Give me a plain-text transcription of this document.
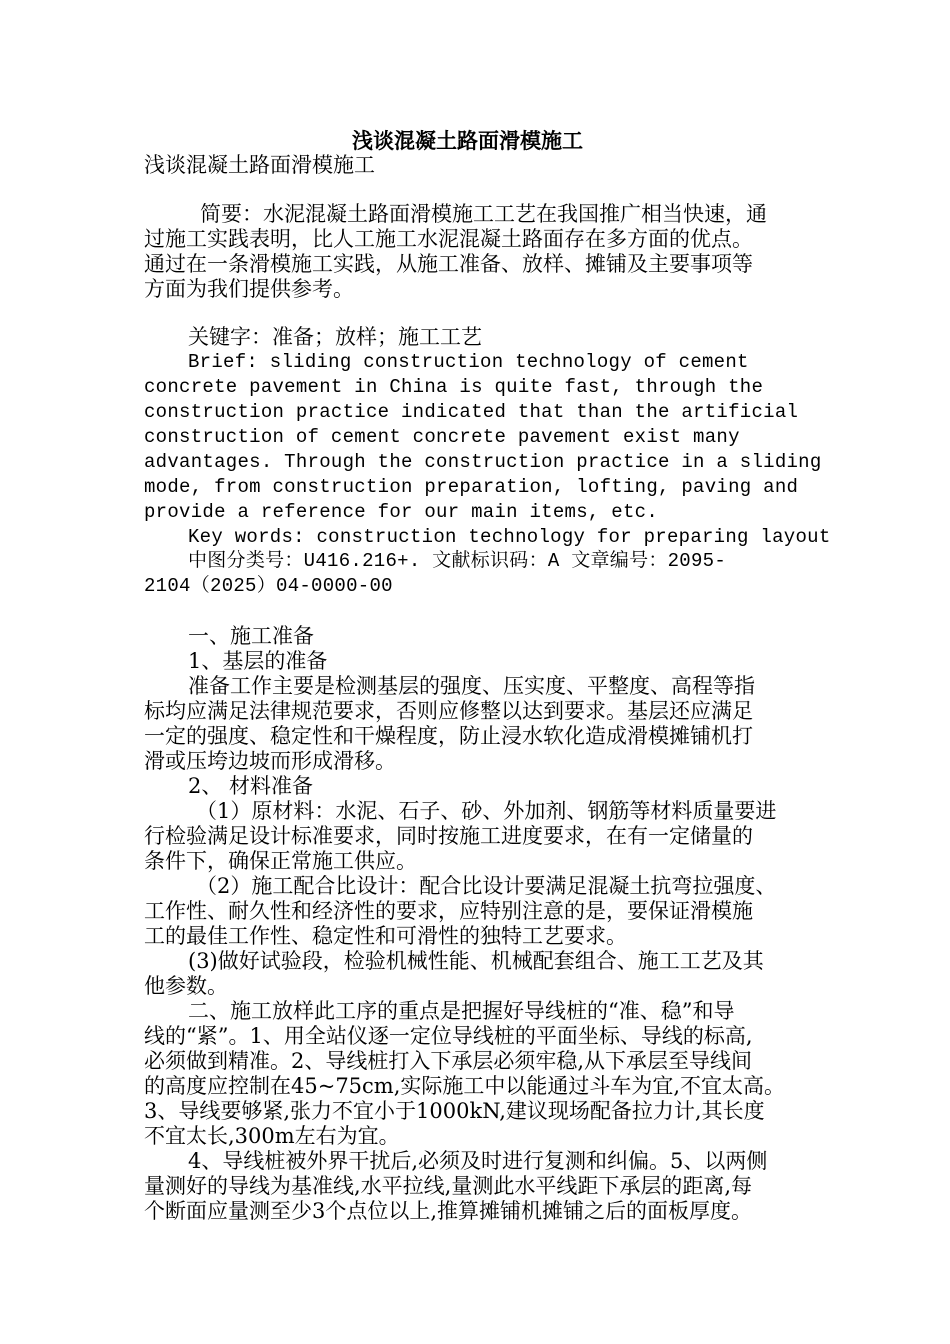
浅谈混凝土路面滑模施工
浅谈混凝土路面滑模施工
简要：水泥混凝土路面滑模施工工艺在我国推广相当快速，通
过施工实践表明，比人工施工水泥混凝土路面存在多方面的优点。
通过在一条滑模施工实践，从施工准备、放样、摊铺及主要事项等
方面为我们提供参考。
关键字：准备；放样；施工工艺
Brief: sliding construction technology of cement
concrete pavement in China is quite fast, through the
construction practice indicated that than the artificial
construction of cement concrete pavement exist many
advantages. Through the construction practice in a sliding
mode, from construction preparation, lofting, paving and
provide a reference for our main items, etc.
Key words: construction technology for preparing layout
中图分类号：U416.216+. 文献标识码：A 文章编号：2095-
2104（2025）04-0000-00
一、施工准备
1、基层的准备
准备工作主要是检测基层的强度、压实度、平整度、高程等指
标均应满足法律规范要求，否则应修整以达到要求。基层还应满足
一定的强度、稳定性和干燥程度，防止浸水软化造成滑模摊铺机打
滑或压垮边坡而形成滑移。
2、 材料准备
（1）原材料：水泥、石子、砂、外加剂、钢筋等材料质量要进
行检验满足设计标准要求，同时按施工进度要求，在有一定储量的
条件下，确保正常施工供应。
（2）施工配合比设计：配合比设计要满足混凝土抗弯拉强度、
工作性、耐久性和经济性的要求，应特别注意的是，要保证滑模施
工的最佳工作性、稳定性和可滑性的独特工艺要求。
(3)做好试验段，检验机械性能、机械配套组合、施工工艺及其
他参数。
二、施工放样此工序的重点是把握好导线桩的“准、稳”和导
线的“紧”。1、用全站仪逐一定位导线桩的平面坐标、导线的标高,
必须做到精准。2、导线桩打入下承层必须牢稳,从下承层至导线间
的高度应控制在45~75cm,实际施工中以能通过斗车为宜,不宜太高。
3、导线要够紧,张力不宜小于1000kN,建议现场配备拉力计,其长度
不宜太长,300m左右为宜。
4、导线桩被外界干扰后,必须及时进行复测和纠偏。5、以两侧
量测好的导线为基准线,水平拉线,量测此水平线距下承层的距离,每
个断面应量测至少3个点位以上,推算摊铺机摊铺之后的面板厚度。
